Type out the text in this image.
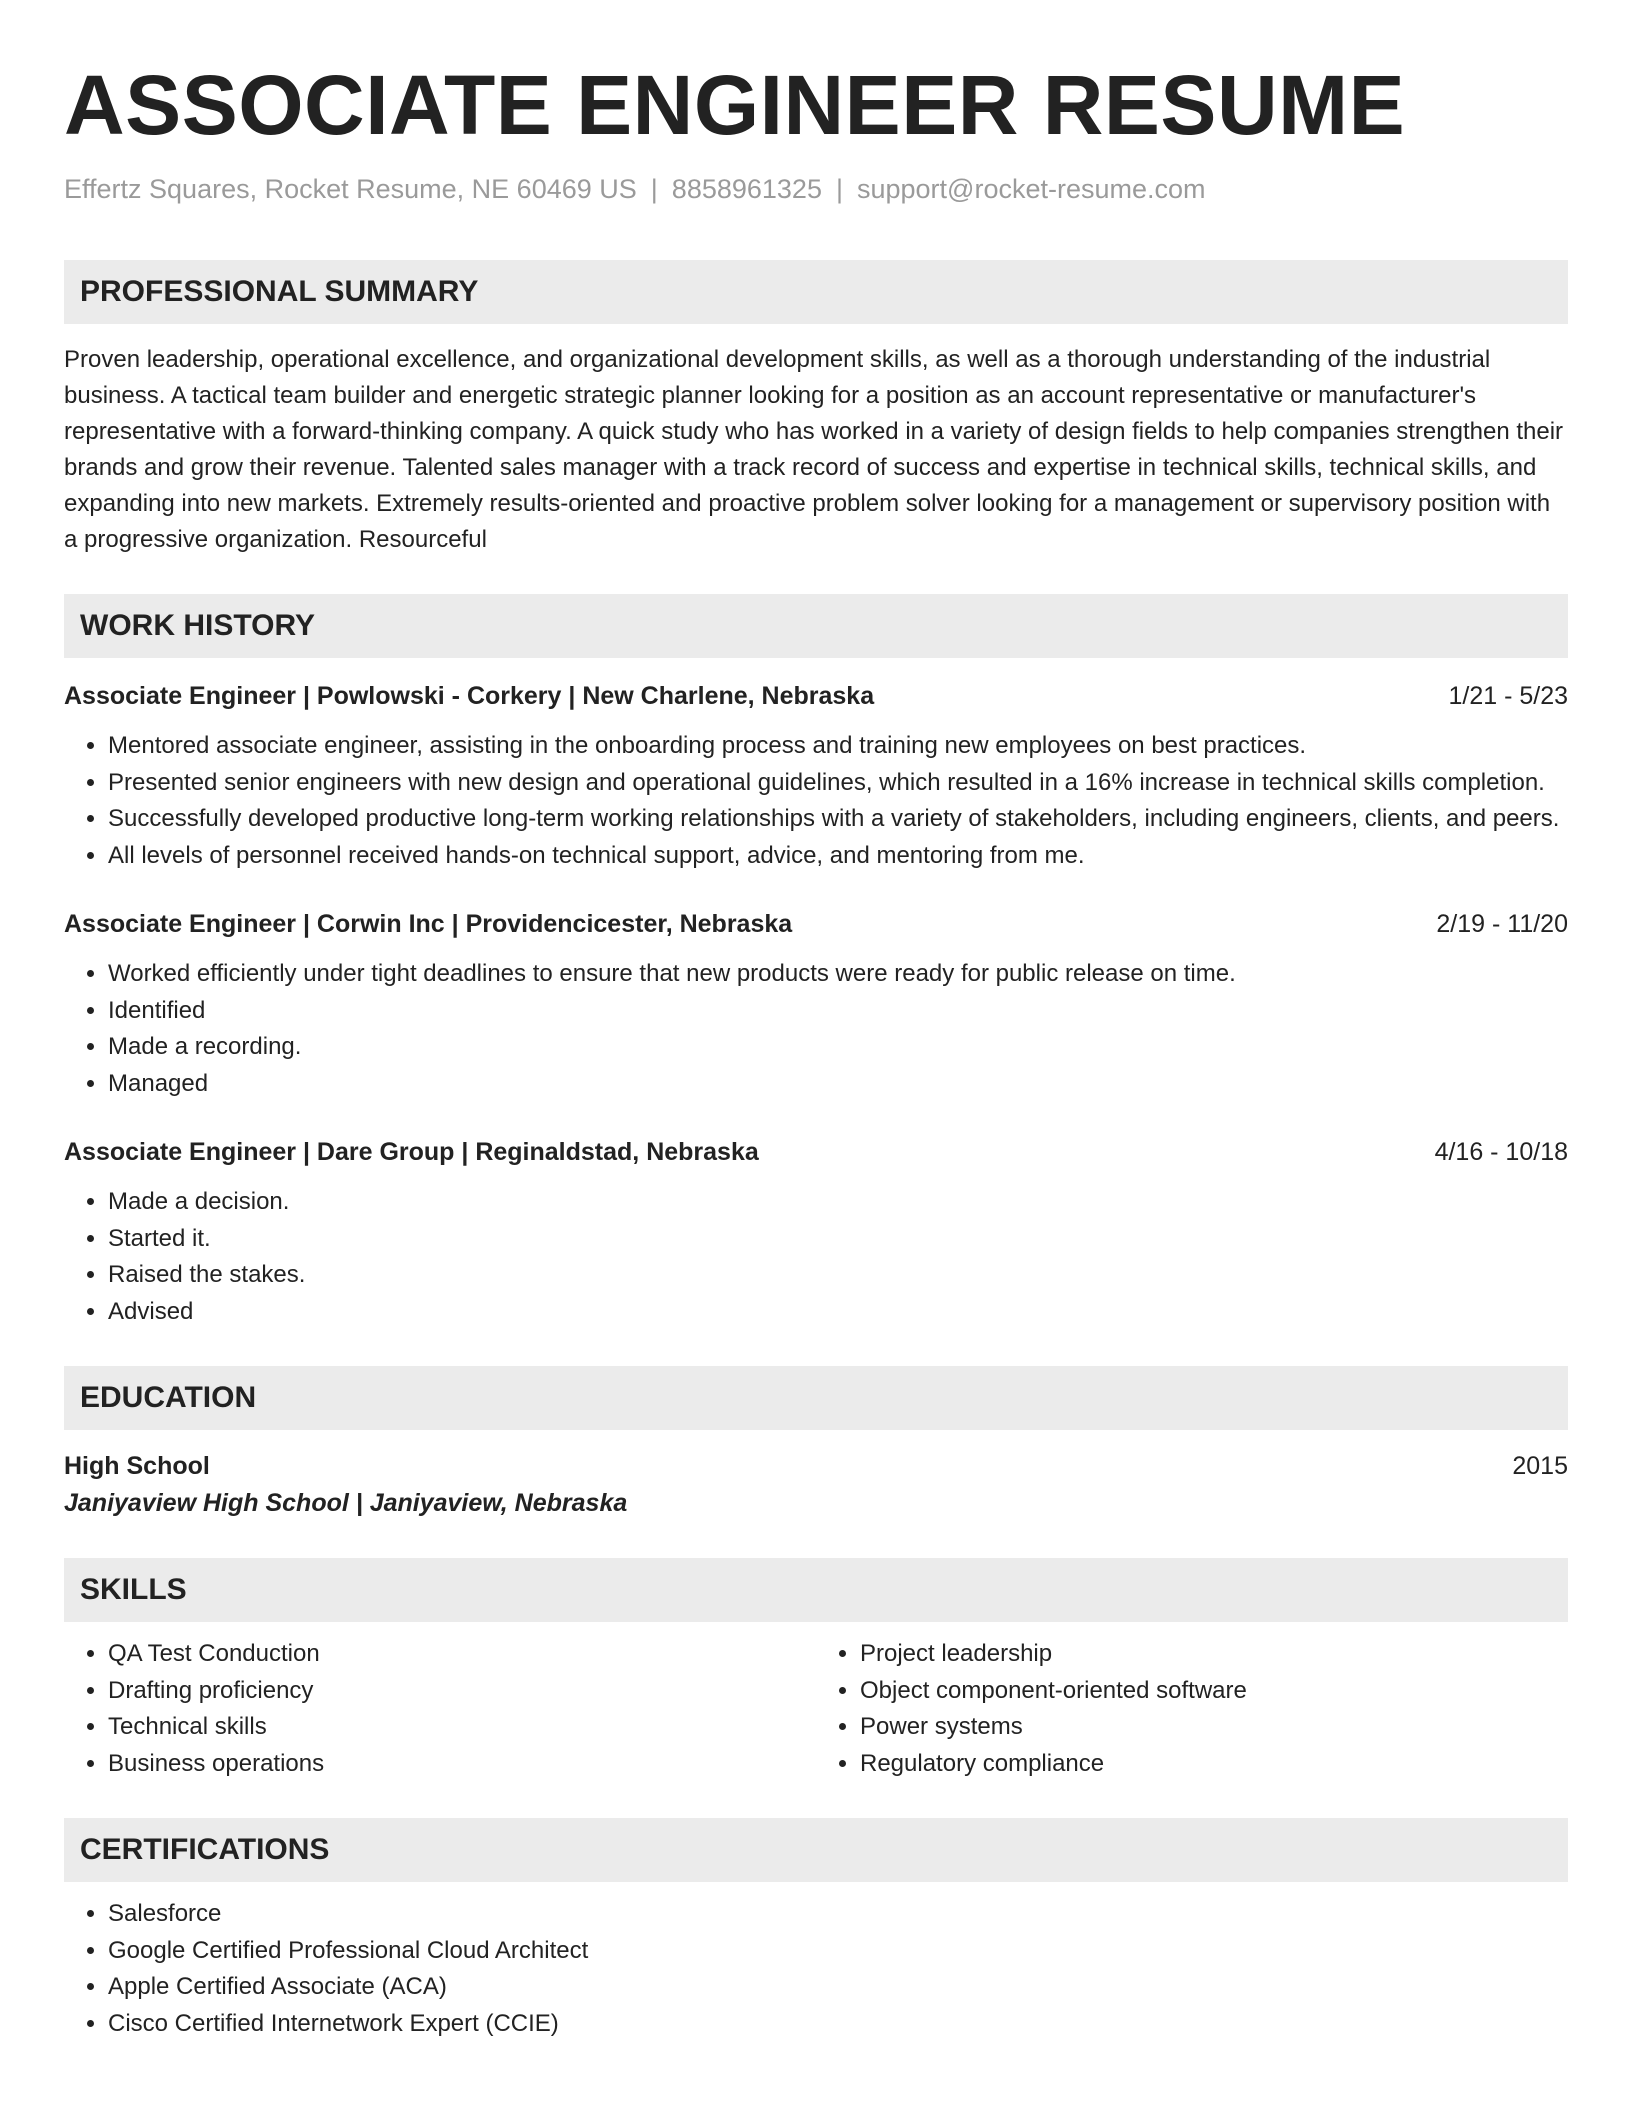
ASSOCIATE ENGINEER RESUME
Effertz Squares, Rocket Resume, NE 60469 US | 8858961325 | support@rocket-resume.com
PROFESSIONAL SUMMARY

Proven leadership, operational excellence, and organizational development skills, as well as a thorough understanding of the industrial business. A tactical team builder and energetic strategic planner looking for a position as an account representative or manufacturer's representative with a forward-thinking company. A quick study who has worked in a variety of design fields to help companies strengthen their brands and grow their revenue. Talented sales manager with a track record of success and expertise in technical skills, technical skills, and expanding into new markets. Extremely results-oriented and proactive problem solver looking for a management or supervisory position with a progressive organization. Resourceful

WORK HISTORY
Associate Engineer | Powlowski - Corkery | New Charlene, Nebraska	1/21 - 5/23
• Mentored associate engineer, assisting in the onboarding process and training new employees on best practices.
• Presented senior engineers with new design and operational guidelines, which resulted in a 16% increase in technical skills completion.
• Successfully developed productive long-term working relationships with a variety of stakeholders, including engineers, clients, and peers.
• All levels of personnel received hands-on technical support, advice, and mentoring from me.
Associate Engineer | Corwin Inc | Providencicester, Nebraska	2/19 - 11/20
• Worked efficiently under tight deadlines to ensure that new products were ready for public release on time.
• Identified
• Made a recording.
• Managed
Associate Engineer | Dare Group | Reginaldstad, Nebraska	4/16 - 10/18
• Made a decision.
• Started it.
• Raised the stakes.
• Advised
EDUCATION
High School	2015
Janiyaview High School | Janiyaview, Nebraska
SKILLS
• QA Test Conduction
• Drafting proficiency
• Technical skills
• Business operations
• Project leadership
• Object component-oriented software
• Power systems
• Regulatory compliance
CERTIFICATIONS
• Salesforce
• Google Certified Professional Cloud Architect
• Apple Certified Associate (ACA)
• Cisco Certified Internetwork Expert (CCIE)
